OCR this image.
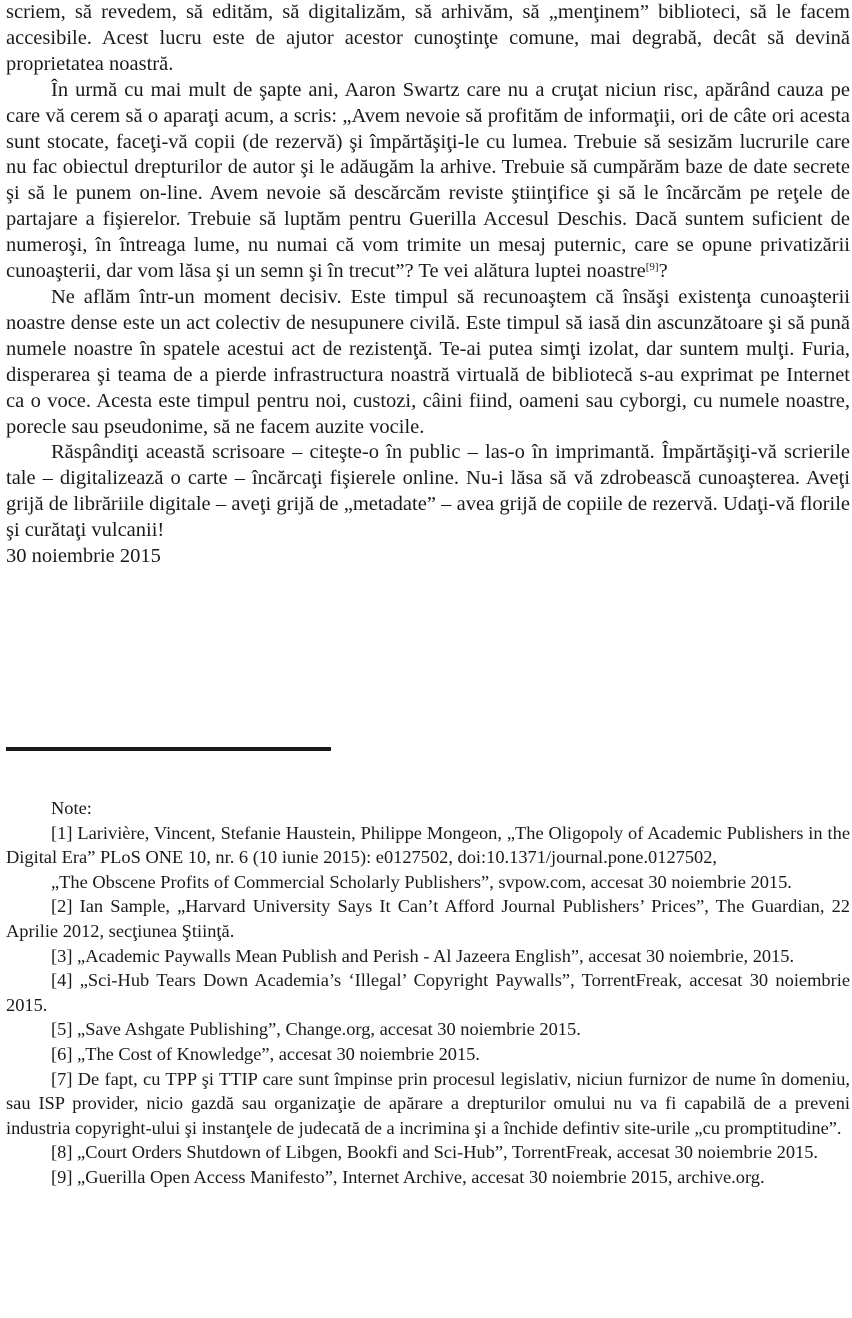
scriem, să revedem, să edităm, să digitalizăm, să arhivăm, să „menţinem” biblioteci, să le facem accesibile. Acest lucru este de ajutor acestor cunoştinţe comune, mai degrabă, decât să devină proprietatea noastră.

În urmă cu mai mult de şapte ani, Aaron Swartz care nu a cruţat niciun risc, apărând cauza pe care vă cerem să o aparaţi acum, a scris: „Avem nevoie să profităm de informaţii, ori de câte ori acesta sunt stocate, faceţi-vă copii (de rezervă) şi împărtăşiţi-le cu lumea. Trebuie să sesizăm lucrurile care nu fac obiectul drepturilor de autor şi le adăugăm la arhive. Trebuie să cumpărăm baze de date secrete şi să le punem on-line. Avem nevoie să descărcăm reviste ştiinţifice şi să le încărcăm pe reţele de partajare a fişierelor. Trebuie să luptăm pentru Guerilla Accesul Deschis. Dacă suntem suficient de numeroşi, în întreaga lume, nu numai că vom trimite un mesaj puternic, care se opune privatizării cunoaşterii, dar vom lăsa şi un semn şi în trecut”? Te vei alătura luptei noastre[9]?

Ne aflăm într-un moment decisiv. Este timpul să recunoaştem că însăşi existenţa cunoaşterii noastre dense este un act colectiv de nesupunere civilă. Este timpul să iasă din ascunzătoare şi să pună numele noastre în spatele acestui act de rezistenţă. Te-ai putea simţi izolat, dar suntem mulţi. Furia, disperarea şi teama de a pierde infrastructura noastră virtuală de bibliotecă s-au exprimat pe Internet ca o voce. Acesta este timpul pentru noi, custozi, câini fiind, oameni sau cyborgi, cu numele noastre, porecle sau pseudonime, să ne facem auzite vocile.

Răspândiţi această scrisoare – citeşte-o în public – las-o în imprimantă. Împărtăşiţi-vă scrierile tale – digitalizează o carte – încărcaţi fişierele online. Nu-i lăsa să vă zdrobească cunoaşterea. Aveţi grijă de librăriile digitale – aveţi grijă de „metadate” – avea grijă de copiile de rezervă. Udaţi-vă florile şi curătaţi vulcanii!

30 noiembrie 2015

Note:

[1] Larivière, Vincent, Stefanie Haustein, Philippe Mongeon, „The Oligopoly of Academic Publishers in the Digital Era” PLoS ONE 10, nr. 6 (10 iunie 2015): e0127502, doi:10.1371/journal.pone.0127502,

„The Obscene Profits of Commercial Scholarly Publishers”, svpow.com, accesat 30 noiembrie 2015.

[2] Ian Sample, „Harvard University Says It Can’t Afford Journal Publishers’ Prices”, The Guardian, 22 Aprilie 2012, secţiunea Ştiinţă.

[3] „Academic Paywalls Mean Publish and Perish - Al Jazeera English”, accesat 30 noiembrie, 2015.

[4] „Sci-Hub Tears Down Academia’s ‘Illegal’ Copyright Paywalls”, TorrentFreak, accesat 30 noiembrie 2015.

[5] „Save Ashgate Publishing”, Change.org, accesat 30 noiembrie 2015.

[6] „The Cost of Knowledge”, accesat 30 noiembrie 2015.

[7] De fapt, cu TPP şi TTIP care sunt împinse prin procesul legislativ, niciun furnizor de nume în domeniu, sau ISP provider, nicio gazdă sau organizaţie de apărare a drepturilor omului nu va fi capabilă de a preveni industria copyright-ului şi instanţele de judecată de a incrimina şi a închide defintiv site-urile „cu promptitudine”.

[8] „Court Orders Shutdown of Libgen, Bookfi and Sci-Hub”, TorrentFreak, accesat 30 noiembrie 2015.

[9] „Guerilla Open Access Manifesto”, Internet Archive, accesat 30 noiembrie 2015, archive.org.
